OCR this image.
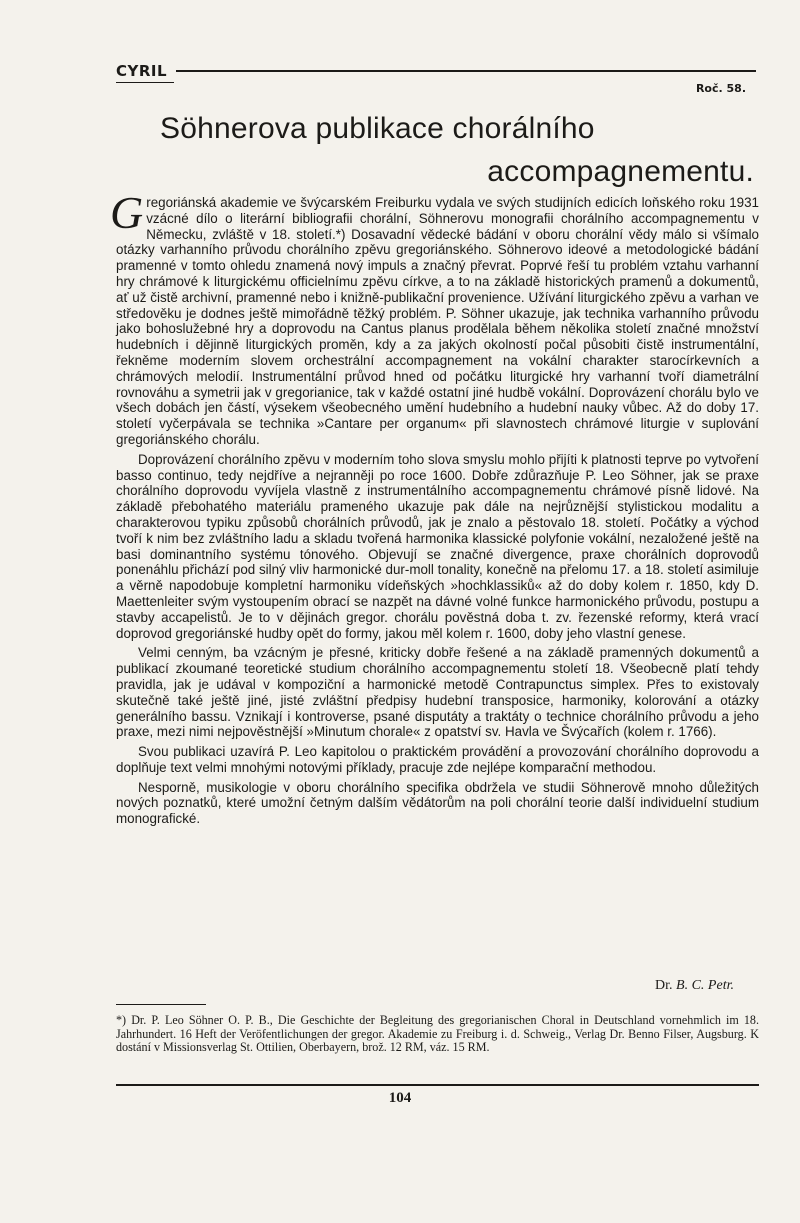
CYRIL
Roč. 58.
Söhnerova publikace chorálního
accompagnementu.

Gregoriánská akademie ve švýcarském Freiburku vydala ve svých studijních edicích loňského roku 1931 vzácné dílo o literární bibliografii chorální, Söhnerovu monografii chorálního accompagnementu v Německu, zvláště v 18. století.*) Dosavadní vědecké bádání v oboru chorální vědy málo si všímalo otázky varhanního průvodu chorálního zpěvu gregoriánského. Söhnerovo ideové a metodologické bádání pramenné v tomto ohledu znamená nový impuls a značný převrat. Poprvé řeší tu problém vztahu varhanní hry chrámové k liturgickému officielnímu zpěvu církve, a to na základě historických pramenů a dokumentů, ať už čistě archivní, pramenné nebo i knižně-publikační provenience. Užívání liturgického zpěvu a varhan ve středověku je dodnes ještě mimořádně těžký problém. P. Söhner ukazuje, jak technika varhanního průvodu jako bohoslužebné hry a doprovodu na Cantus planus prodělala během několika století značné množství hudebních i dějinně liturgických proměn, kdy a za jakých okolností počal působiti čistě instrumentální, řekněme moderním slovem orchestrální accompagnement na vokální charakter starocírkevních a chrámových melodií. Instrumentální průvod hned od počátku liturgické hry varhanní tvoří diametrální rovnováhu a symetrii jak v gregorianice, tak v každé ostatní jiné hudbě vokální. Doprovázení chorálu bylo ve všech dobách jen částí, výsekem všeobecného umění hudebního a hudební nauky vůbec. Až do doby 17. století vyčerpávala se technika »Cantare per organum« při slavnostech chrámové liturgie v suplování gregoriánského chorálu.

Doprovázení chorálního zpěvu v moderním toho slova smyslu mohlo přijíti k platnosti teprve po vytvoření basso continuo, tedy nejdříve a nejranněji po roce 1600. Dobře zdůrazňuje P. Leo Söhner, jak se praxe chorálního doprovodu vyvíjela vlastně z instrumentálního accompagnementu chrámové písně lidové. Na základě přebohatého materiálu prameného ukazuje pak dále na nejrůznější stylistickou modalitu a charakterovou typiku způsobů chorálních průvodů, jak je znalo a pěstovalo 18. století. Počátky a východ tvoří k nim bez zvláštního ladu a skladu tvořená harmonika klassické polyfonie vokální, nezaložené ještě na basi dominantního systému tónového. Objevují se značné divergence, praxe chorálních doprovodů ponenáhlu přichází pod silný vliv harmonické dur-moll tonality, konečně na přelomu 17. a 18. století asimiluje a věrně napodobuje kompletní harmoniku vídeňských »hochklassiků« až do doby kolem r. 1850, kdy D. Maettenleiter svým vystoupením obrací se nazpět na dávné volné funkce harmonického průvodu, postupu a stavby accapelistů. Je to v dějinách gregor. chorálu pověstná doba t. zv. řezenské reformy, která vrací doprovod gregoriánské hudby opět do formy, jakou měl kolem r. 1600, doby jeho vlastní genese.

Velmi cenným, ba vzácným je přesné, kriticky dobře řešené a na základě pramenných dokumentů a publikací zkoumané teoretické studium chorálního accompagnementu století 18. Všeobecně platí tehdy pravidla, jak je udával v kompoziční a harmonické metodě Contrapunctus simplex. Přes to existovaly skutečně také ještě jiné, jisté zvláštní předpisy hudební transposice, harmoniky, kolorování a otázky generálního bassu. Vznikají i kontroverse, psané disputáty a traktáty o technice chorálního průvodu a jeho praxe, mezi nimi nejpověstnější »Minutum chorale« z opatství sv. Havla ve Švýcařích (kolem r. 1766).

Svou publikaci uzavírá P. Leo kapitolou o praktickém provádění a provozování chorálního doprovodu a doplňuje text velmi mnohými notovými příklady, pracuje zde nejlépe komparační methodou.

Nesporně, musikologie v oboru chorálního specifika obdržela ve studii Söhnerově mnoho důležitých nových poznatků, které umožní četným dalším vědátorům na poli chorální teorie další individuelní studium monografické.

Dr. B. C. Petr.
*) Dr. P. Leo Söhner O. P. B., Die Geschichte der Begleitung des gregorianischen Choral in Deutschland vornehmlich im 18. Jahrhundert. 16 Heft der Veröfentlichungen der gregor. Akademie zu Freiburg i. d. Schweig., Verlag Dr. Benno Filser, Augsburg. K dostání v Missionsverlag St. Ottilien, Oberbayern, brož. 12 RM, váz. 15 RM.
104
